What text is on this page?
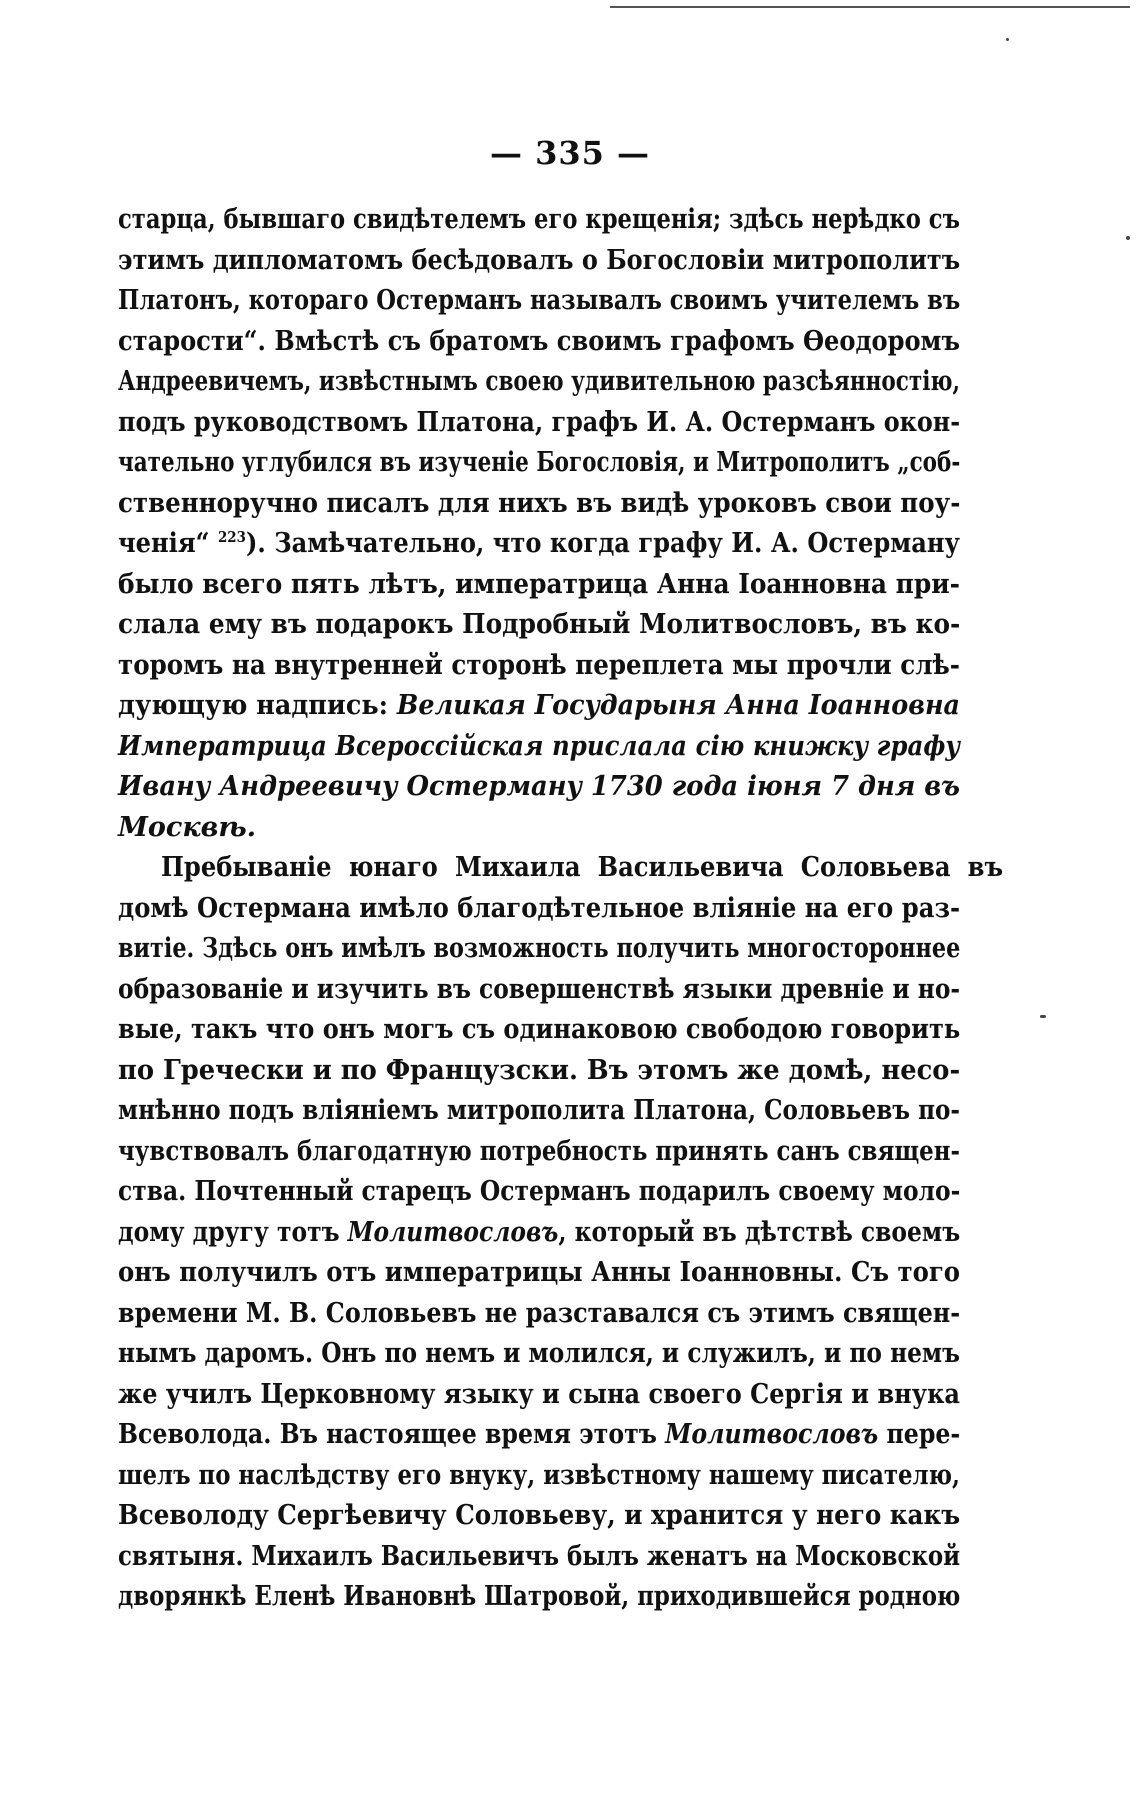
— 335 —
старца, бывшаго свидѣтелемъ его крещенія; здѣсь нерѣдко съ
этимъ дипломатомъ бесѣдовалъ о Богословіи митрополитъ
Платонъ, котораго Остерманъ называлъ своимъ учителемъ въ
старости“. Вмѣстѣ съ братомъ своимъ графомъ Ѳеодоромъ
Андреевичемъ, извѣстнымъ своею удивительною разсѣянностію,
подъ руководствомъ Платона, графъ И. А. Остерманъ окон-
чательно углубился въ изученіе Богословія, и Митрополитъ „соб-
ственноручно писалъ для нихъ въ видѣ уроковъ свои поу-
ченія“ $^{223}$). Замѣчательно, что когда графу И. А. Остерману
было всего пять лѣтъ, императрица Анна Іоанновна при-
слала ему въ подарокъ Подробный Молитвословъ, въ ко-
торомъ на внутренней сторонѣ переплета мы прочли слѣ-
дующую надпись: Великая Государыня Анна Іоанновна
Императрица Всероссійская прислала сію книжку графу
Ивану Андреевичу Остерману 1730 года іюня 7 дня въ
Москвѣ.
Пребываніе юнаго Михаила Васильевича Соловьева въ
домѣ Остермана имѣло благодѣтельное вліяніе на его раз-
витіе. Здѣсь онъ имѣлъ возможность получить многостороннее
образованіе и изучить въ совершенствѣ языки древніе и но-
вые, такъ что онъ могъ съ одинаковою свободою говорить
по Гречески и по Французски. Въ этомъ же домѣ, несо-
мнѣнно подъ вліяніемъ митрополита Платона, Соловьевъ по-
чувствовалъ благодатную потребность принять санъ священ-
ства. Почтенный старецъ Остерманъ подарилъ своему моло-
дому другу тотъ Молитвословъ, который въ дѣтствѣ своемъ
онъ получилъ отъ императрицы Анны Іоанновны. Съ того
времени М. В. Соловьевъ не разставался съ этимъ священ-
нымъ даромъ. Онъ по немъ и молился, и служилъ, и по немъ
же училъ Церковному языку и сына своего Сергія и внука
Всеволода. Въ настоящее время этотъ Молитвословъ пере-
шелъ по наслѣдству его внуку, извѣстному нашему писателю,
Всеволоду Сергѣевичу Соловьеву, и хранится у него какъ
святыня. Михаилъ Васильевичъ былъ женатъ на Московской
дворянкѣ Еленѣ Ивановнѣ Шатровой, приходившейся родною
